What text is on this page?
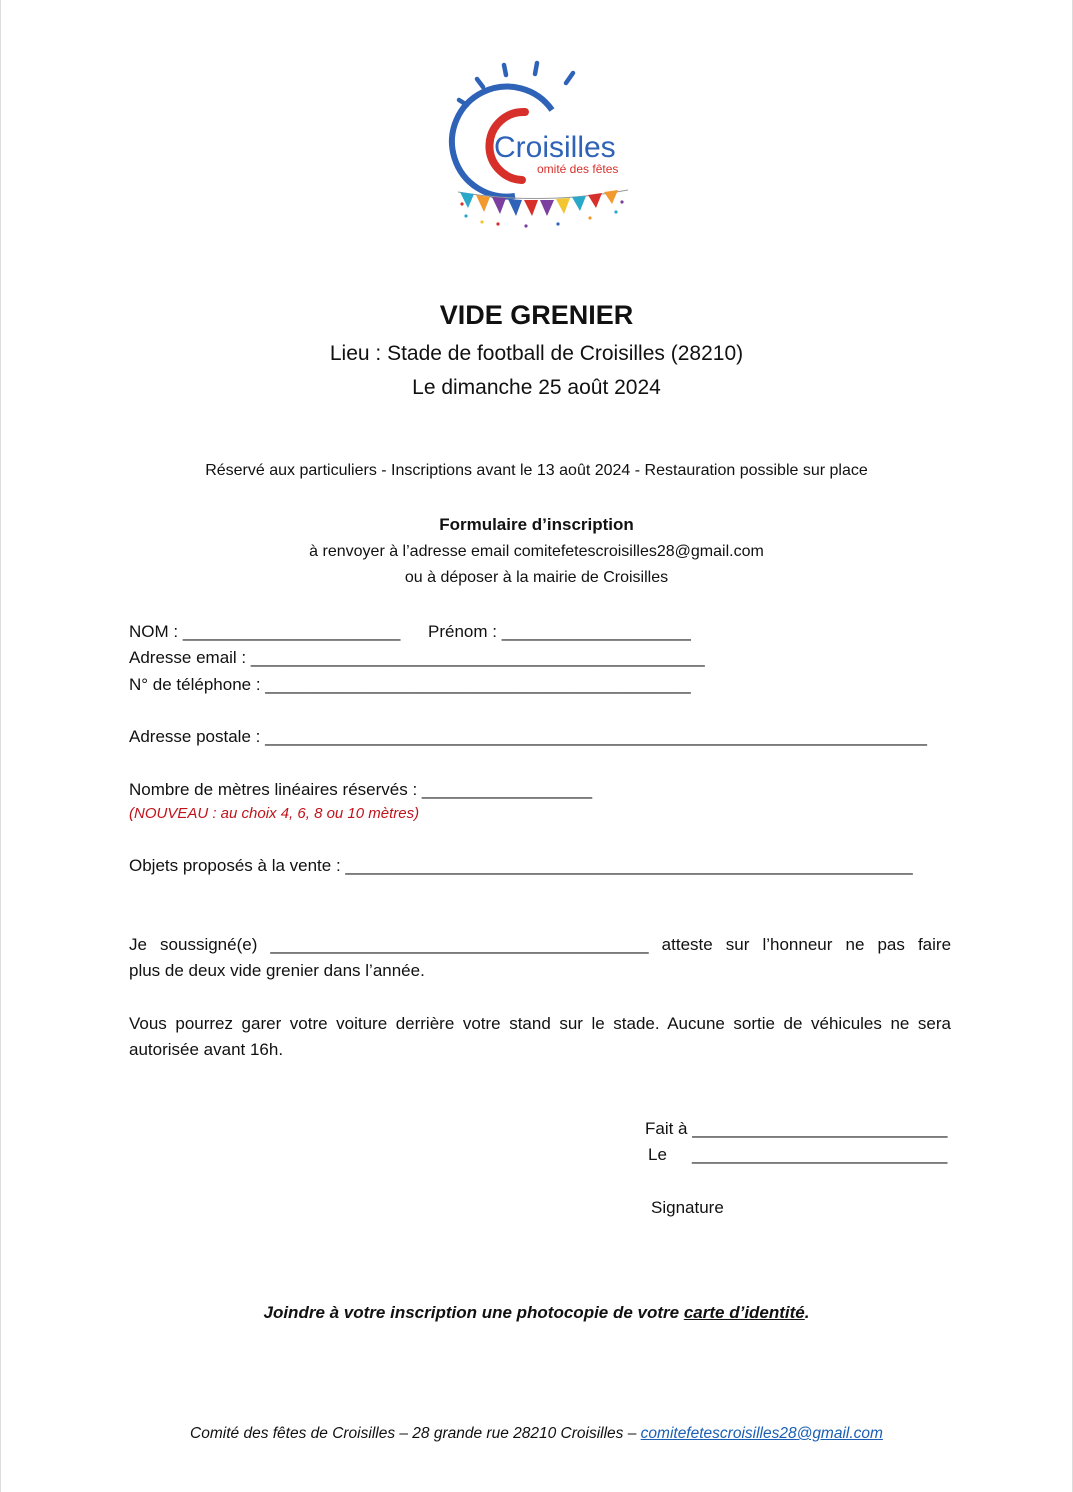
Croisilles
omité des fêtes
VIDE GRENIER
Lieu : Stade de football de Croisilles (28210)
Le dimanche 25 août 2024
Réservé aux particuliers - Inscriptions avant le 13 août 2024 - Restauration possible sur place
Formulaire d’inscription
à renvoyer à l’adresse email comitefetescroisilles28@gmail.com
ou à déposer à la mairie de Croisilles
NOM : _______________________ Prénom : ____________________
Adresse email : ________________________________________________
N° de téléphone : _____________________________________________
Adresse postale : ______________________________________________________________________
Nombre de mètres linéaires réservés : __________________
(NOUVEAU : au choix 4, 6, 8 ou 10 mètres)
Objets proposés à la vente : ____________________________________________________________
Je soussigné(e) ________________________________________ atteste sur l’honneur ne pas faire
plus de deux vide grenier dans l’année.
Vous pourrez garer votre voiture derrière votre stand sur le stade. Aucune sortie de véhicules ne sera
autorisée avant 16h.
Fait à ___________________________
Le ___________________________
Signature
Joindre à votre inscription une photocopie de votre carte d’identité.
Comité des fêtes de Croisilles – 28 grande rue 28210 Croisilles – comitefetescroisilles28@gmail.com
